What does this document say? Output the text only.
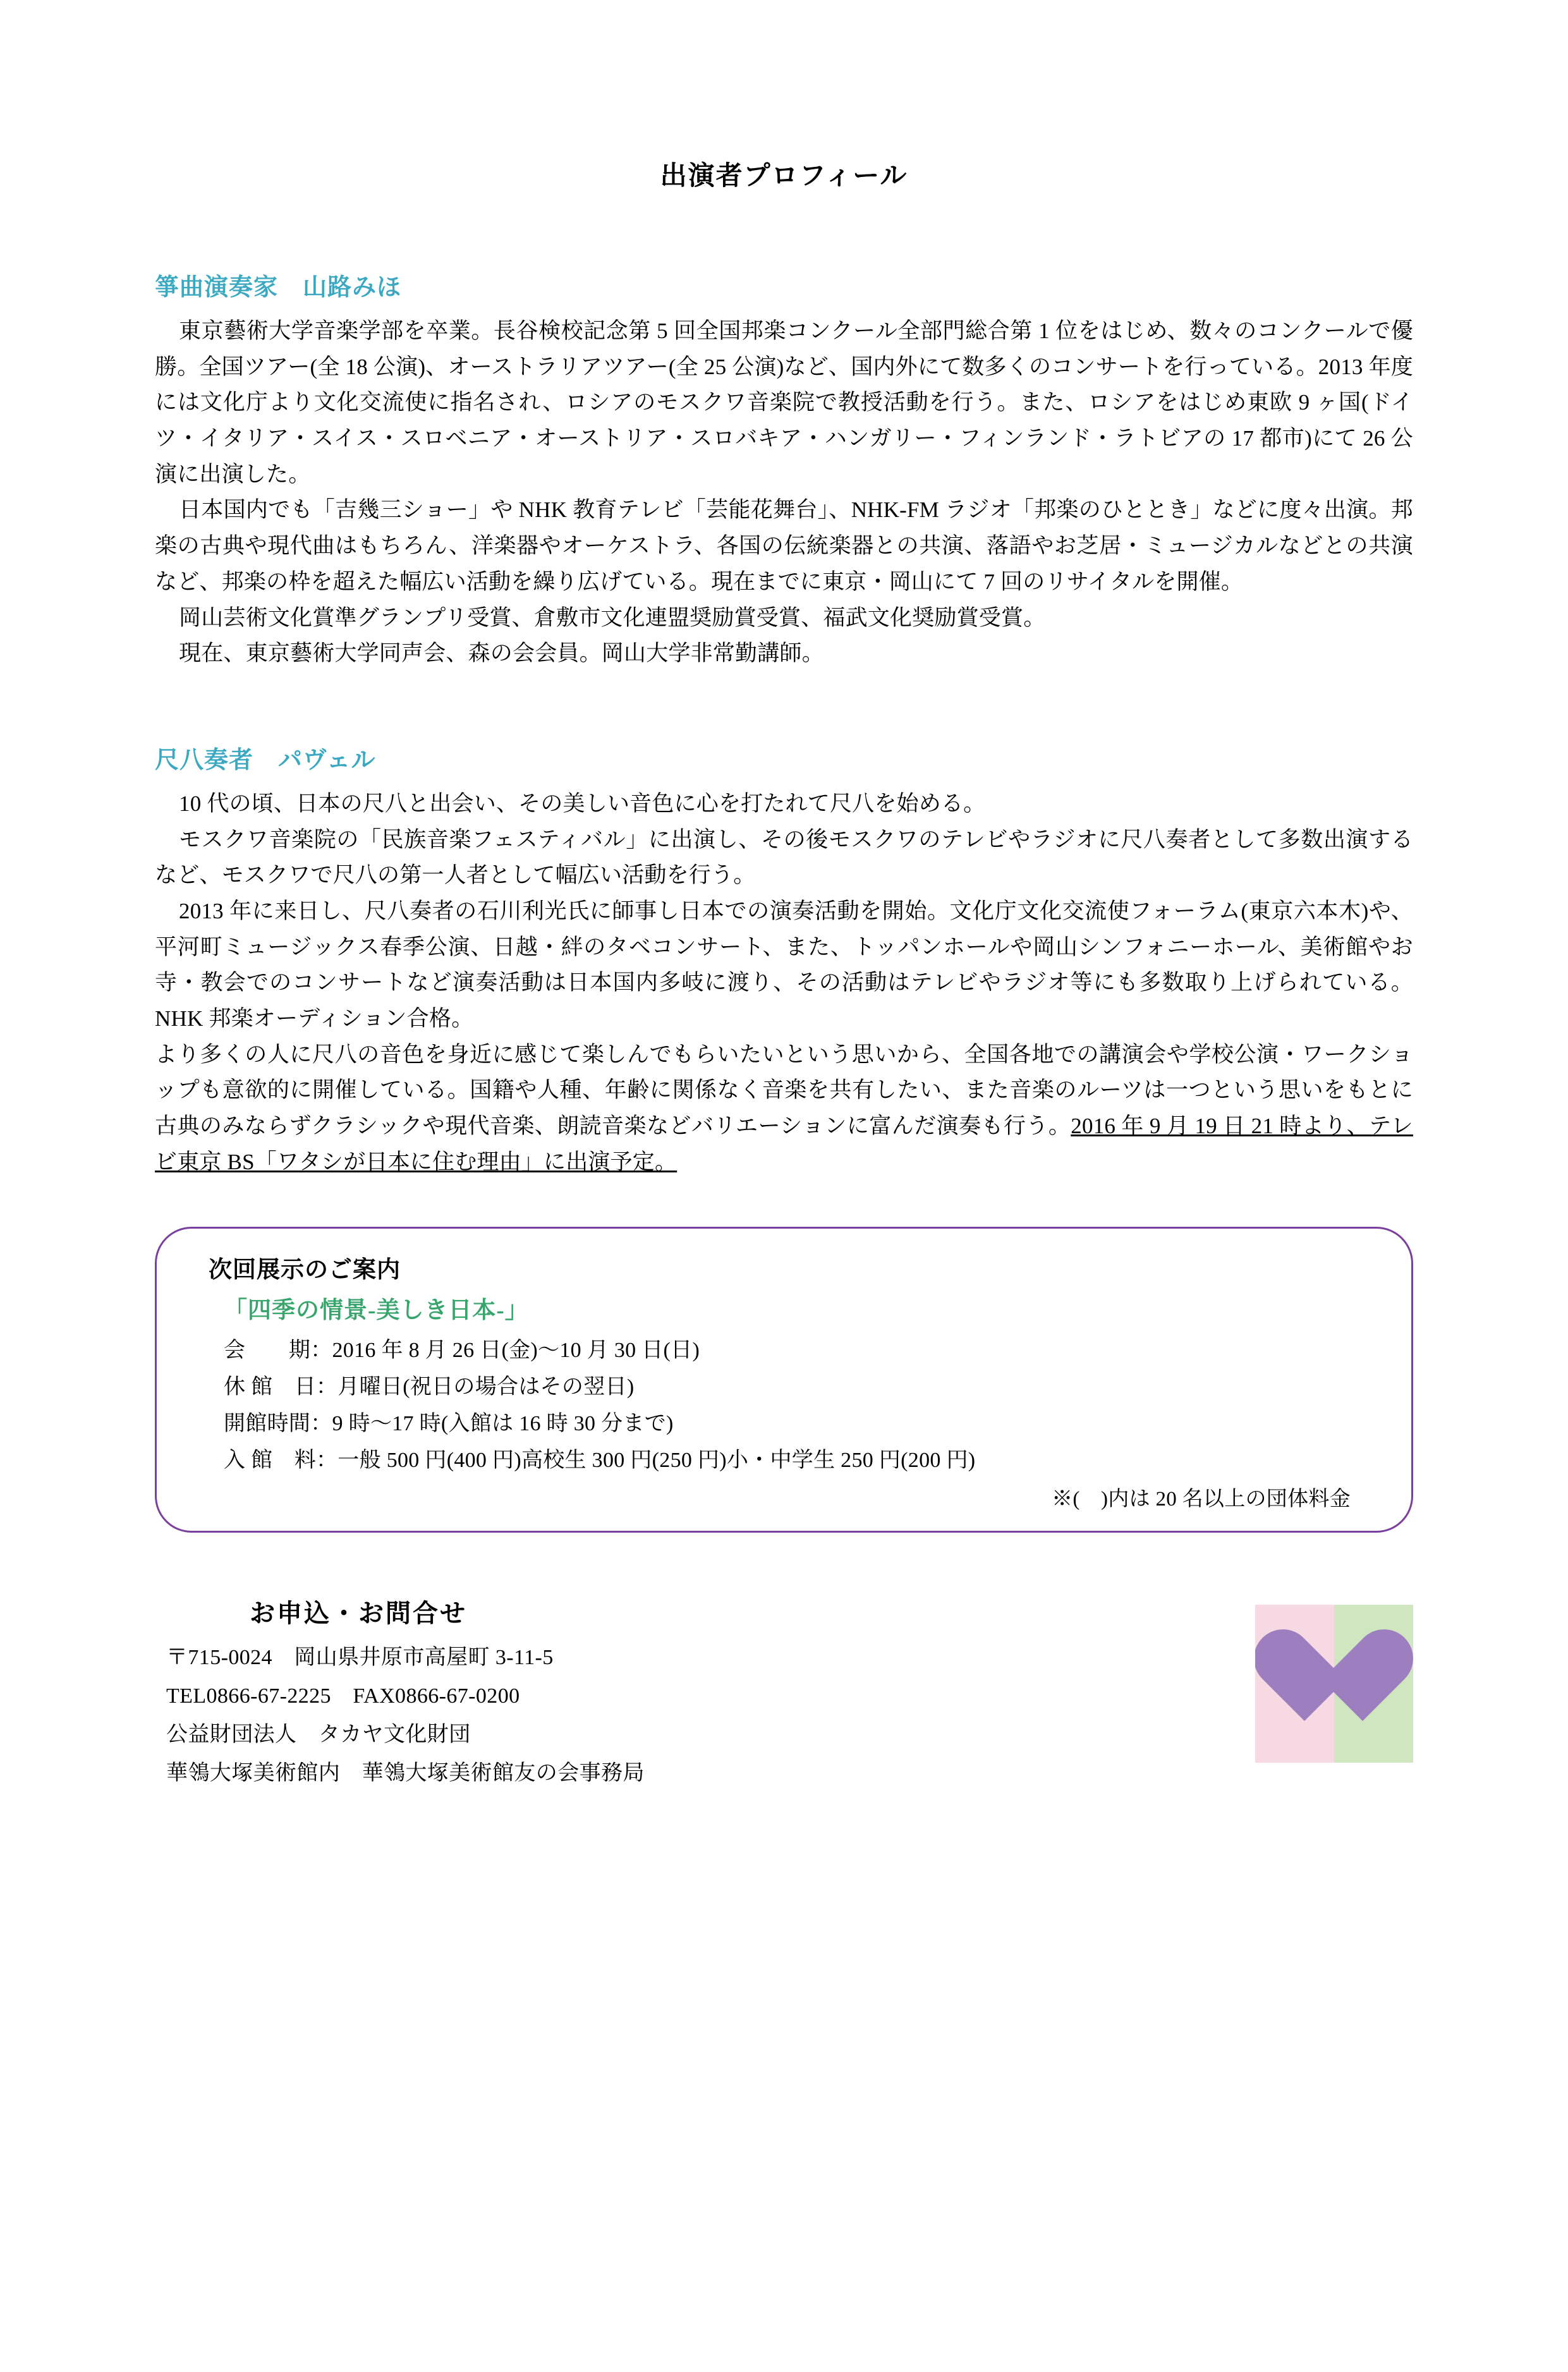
出演者プロフィール
箏曲演奏家　山路みほ

東京藝術大学音楽学部を卒業。長谷検校記念第 5 回全国邦楽コンクール全部門総合第 1 位をはじめ、数々のコンクールで優勝。全国ツアー(全 18 公演)、オーストラリアツアー(全 25 公演)など、国内外にて数多くのコンサートを行っている。2013 年度には文化庁より文化交流使に指名され、ロシアのモスクワ音楽院で教授活動を行う。また、ロシアをはじめ東欧 9 ヶ国(ドイツ・イタリア・スイス・スロベニア・オーストリア・スロバキア・ハンガリー・フィンランド・ラトビアの 17 都市)にて 26 公演に出演した。

日本国内でも「吉幾三ショー」や NHK 教育テレビ「芸能花舞台」、NHK-FM ラジオ「邦楽のひととき」などに度々出演。邦楽の古典や現代曲はもちろん、洋楽器やオーケストラ、各国の伝統楽器との共演、落語やお芝居・ミュージカルなどとの共演など、邦楽の枠を超えた幅広い活動を繰り広げている。現在までに東京・岡山にて 7 回のリサイタルを開催。

岡山芸術文化賞準グランプリ受賞、倉敷市文化連盟奨励賞受賞、福武文化奨励賞受賞。

現在、東京藝術大学同声会、森の会会員。岡山大学非常勤講師。

尺八奏者　パヴェル

10 代の頃、日本の尺八と出会い、その美しい音色に心を打たれて尺八を始める。

モスクワ音楽院の「民族音楽フェスティバル」に出演し、その後モスクワのテレビやラジオに尺八奏者として多数出演するなど、モスクワで尺八の第一人者として幅広い活動を行う。

2013 年に来日し、尺八奏者の石川利光氏に師事し日本での演奏活動を開始。文化庁文化交流使フォーラム(東京六本木)や、平河町ミュージックス春季公演、日越・絆のタベコンサート、また、トッパンホールや岡山シンフォニーホール、美術館やお寺・教会でのコンサートなど演奏活動は日本国内多岐に渡り、その活動はテレビやラジオ等にも多数取り上げられている。NHK 邦楽オーディション合格。

より多くの人に尺八の音色を身近に感じて楽しんでもらいたいという思いから、全国各地での講演会や学校公演・ワークショップも意欲的に開催している。国籍や人種、年齢に関係なく音楽を共有したい、また音楽のルーツは一つという思いをもとに古典のみならずクラシックや現代音楽、朗読音楽などバリエーションに富んだ演奏も行う。2016 年 9 月 19 日 21 時より、テレビ東京 BS「ワタシが日本に住む理由」に出演予定。

次回展示のご案内
「四季の情景-美しき日本-」
会　　期：2016 年 8 月 26 日(金)～10 月 30 日(日)
休 館　日：月曜日(祝日の場合はその翌日)
開館時間：9 時～17 時(入館は 16 時 30 分まで)
入 館　料：一般 500 円(400 円)高校生 300 円(250 円)小・中学生 250 円(200 円)
※(　)内は 20 名以上の団体料金
お申込・お問合せ
〒715-0024　岡山県井原市高屋町 3-11-5
TEL0866-67-2225　FAX0866-67-0200
公益財団法人　タカヤ文化財団
華鴒大塚美術館内　華鴒大塚美術館友の会事務局
